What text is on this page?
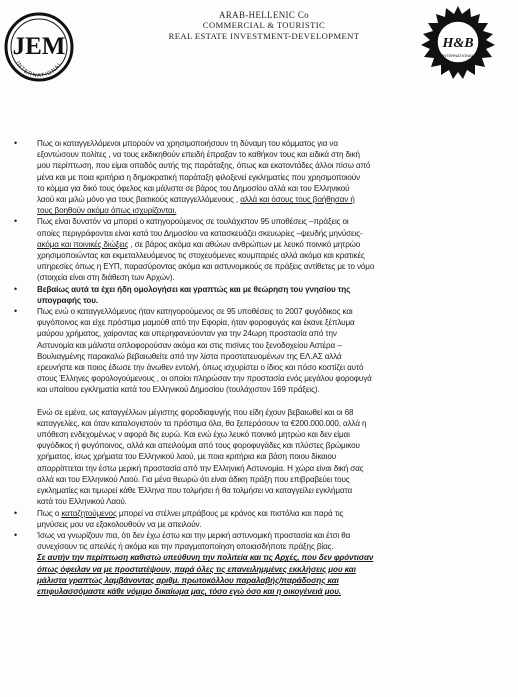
JEM
INTERNATIONAL
ARAB-HELLENIC Co
COMMERCIAL & TOURISTIC
REAL ESTATE INVESTMENT-DEVELOPMENT
H&B
INTERNATIONAL
• Πως οι καταγγελλόμενοι μπορούν να χρησιμοποιήσουν τη δύναμη του κόμματος για να
εξοντώσουν πολίτες , να τους εκδικηθούν επειδή έπραξαν το καθήκον τους και ειδικά στη δική
μου περίπτωση, που είμαι οπαδός αυτής της παράταξης, όπως και εκατοντάδες άλλοι πίσω από
μένα και με ποια κριτήρια η δημοκρατική παράταξη φιλοξενεί εγκληματίες που χρησιμοποιούν
το κόμμα για δικό τους όφελος και μάλιστα σε βάρος του Δημοσίου αλλά και του Ελληνικού
λαού και μιλώ μόνο για τους βασικούς καταγγελλόμενους , αλλά και όσους τους βοήθησαν ή
τους βοηθούν ακόμα όπως ισχυρίζονται.
• Πως είναι δυνατόν να μπορεί ο κατηγορούμενος σε τουλάχιστον 95 υποθέσεις –πράξεις οι
οποίες περιγράφονται είναι κατά του Δημοσίου να κατασκευάζει σκευωρίες –ψευδής μηνύσεις-
ακόμα και ποινικές διώξεις , σε βάρος ακόμα και αθώων ανθρώπων με λευκό ποινικό μητρώο
χρησιμοποιώντας και εκμεταλλευόμενος τις στοχευόμενες κουμπαριές αλλά ακόμα και κρατικές
υπηρεσίες όπως η ΕΥΠ, παρασύροντας ακόμα και αστυνομικούς σε πράξεις αντίθετες με το νόμο
(στοιχεία είναι στη διάθεση των Αρχών).
• Βεβαίως αυτά τα έχει ήδη ομολογήσει και γραπτώς και με θεώρηση του γνησίου της
υπογραφής του.
• Πως ενώ ο καταγγελλόμενος ήταν κατηγορούμενος σε 95 υποθέσεις το 2007 φυγόδικος και
φυγόποινος και είχε πρόστιμα μαμούθ από την Εφορία, ήταν φοροφυγάς και έκανε ξέπλυμα
μαύρου χρήματος, χαίροντας και υπερηφανεύονταν για την 24ωρη προστασία από την
Αστυνομία και μάλιστα οπλοφορούσαν ακόμα και στις πισίνες του ξενοδοχείου Αστέρα –
Βουλιαγμένης παρακαλώ βεβαιωθείτε από την λίστα προστατευομένων της ΕΛ.ΑΣ αλλά
ερευνήστε και ποιος έδωσε την άνωθεν εντολή, όπως ισχυρίστει ο ίδιος και πόσο κοστίζει αυτό
στους Έλληνες φορολογούμενους , οι οποίοι πληρώσαν την προστασία ενός μεγάλου φοροφυγά
και υπαίτιου εγκληματία κατά του Ελληνικού Δημοσίου (τουλάχιστον 169 πράξεις).
Ενώ σε εμένα, ως καταγγέλλων μέγιστης φοροδιαφυγής που είδη έχουν βεβαιωθεί και οι 68
καταγγελίες, και όταν καταλογιστούν τα πρόστιμα όλα, θα ξεπεράσουν τα €200.000.000, αλλά η
υπόθεση ενδεχομένως ν αφορά δις ευρώ. Και ενώ έχω λευκό ποινικό μητρώο και δεν είμαι
φυγόδικος ή φυγόποινος, αλλά και απειλούμαι από τους φοροφυγάδες και πλύστες βρώμικου
χρήματος, ίσως χρήματα του Ελληνικού λαού, με ποια κριτήρια και βάση ποιου δίκαιου
απορρίπτεται την έστω μερική προστασία από την Ελληνική Αστυνομία. Η χώρα είναι δική σας
αλλά και του Ελληνικού Λαού. Για μένα θεωρώ ότι είναι άδικη πράξη που επιβραβεύει τους
εγκληματίες και τιμωρεί κάθε Έλληνα που τολμήσει ή θα τολμήσει να καταγγείλει εγκλήματα
κατά του Ελληνικού Λαού.
• Πως ο καταζητούμενος μπορεί να στέλνει μπράβους με κράνος και πιστόλια και παρά τις
μηνύσεις μου να εξακολουθούν να με απειλούν.
• Ίσως να γνωρίζουν πια, ότι δεν έχω έστω και την μερική αστυνομική προστασία και έτσι θα
συνεχίσουν τις απειλές ή ακόμα και την πραγματοποίηση οποιασδήποτε πράξης βίας.
Σε αυτήν την περίπτωση καθιστώ υπεύθυνη την πολιτεία και τις Αρχές, που δεν φρόντισαν
όπως όφειλαν να με προστατέψουν, παρά όλες τις επανειλημμένες εκκλήσεις μου και
μάλιστα γραπτώς λαμβάνοντας αριθμ. πρωτοκόλλου παραλαβής/παράδοσης και
επιφυλασσόμαστε κάθε νόμιμο δικαίωμα μας, τόσο εγώ όσο και η οικογένειά μου.
